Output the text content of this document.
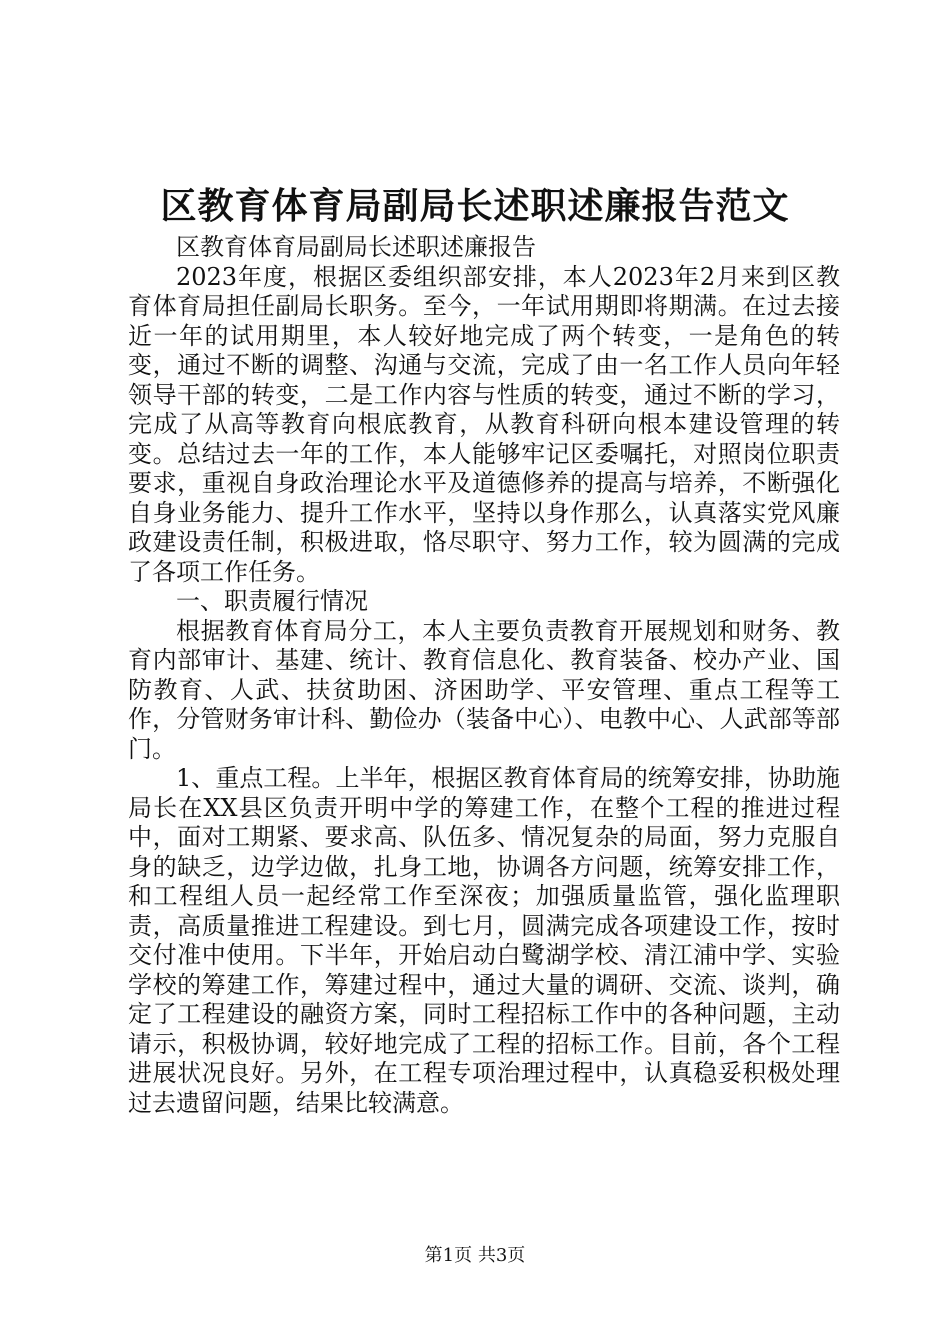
区教育体育局副局长述职述廉报告范文

区教育体育局副局长述职述廉报告

2023年度，根据区委组织部安排，本人2023年2月来到区教育体育局担任副局长职务。至今，一年试用期即将期满。在过去接近一年的试用期里，本人较好地完成了两个转变，一是角色的转变，通过不断的调整、沟通与交流，完成了由一名工作人员向年轻领导干部的转变，二是工作内容与性质的转变，通过不断的学习，完成了从高等教育向根底教育，从教育科研向根本建设管理的转变。总结过去一年的工作，本人能够牢记区委嘱托，对照岗位职责要求，重视自身政治理论水平及道德修养的提高与培养，不断强化自身业务能力、提升工作水平，坚持以身作那么，认真落实党风廉政建设责任制，积极进取，恪尽职守、努力工作，较为圆满的完成了各项工作任务。

一、职责履行情况

根据教育体育局分工，本人主要负责教育开展规划和财务、教育内部审计、基建、统计、教育信息化、教育装备、校办产业、国防教育、人武、扶贫助困、济困助学、平安管理、重点工程等工作，分管财务审计科、勤俭办（装备中心）、电教中心、人武部等部门。

1、重点工程。上半年，根据区教育体育局的统筹安排，协助施局长在XX县区负责开明中学的筹建工作，在整个工程的推进过程中，面对工期紧、要求高、队伍多、情况复杂的局面，努力克服自身的缺乏，边学边做，扎身工地，协调各方问题，统筹安排工作，和工程组人员一起经常工作至深夜；加强质量监管，强化监理职责，高质量推进工程建设。到七月，圆满完成各项建设工作，按时交付准中使用。下半年，开始启动白鹭湖学校、清江浦中学、实验学校的筹建工作，筹建过程中，通过大量的调研、交流、谈判，确定了工程建设的融资方案，同时工程招标工作中的各种问题，主动请示，积极协调，较好地完成了工程的招标工作。目前，各个工程进展状况良好。另外，在工程专项治理过程中，认真稳妥积极处理过去遗留问题，结果比较满意。

第1页 共3页
